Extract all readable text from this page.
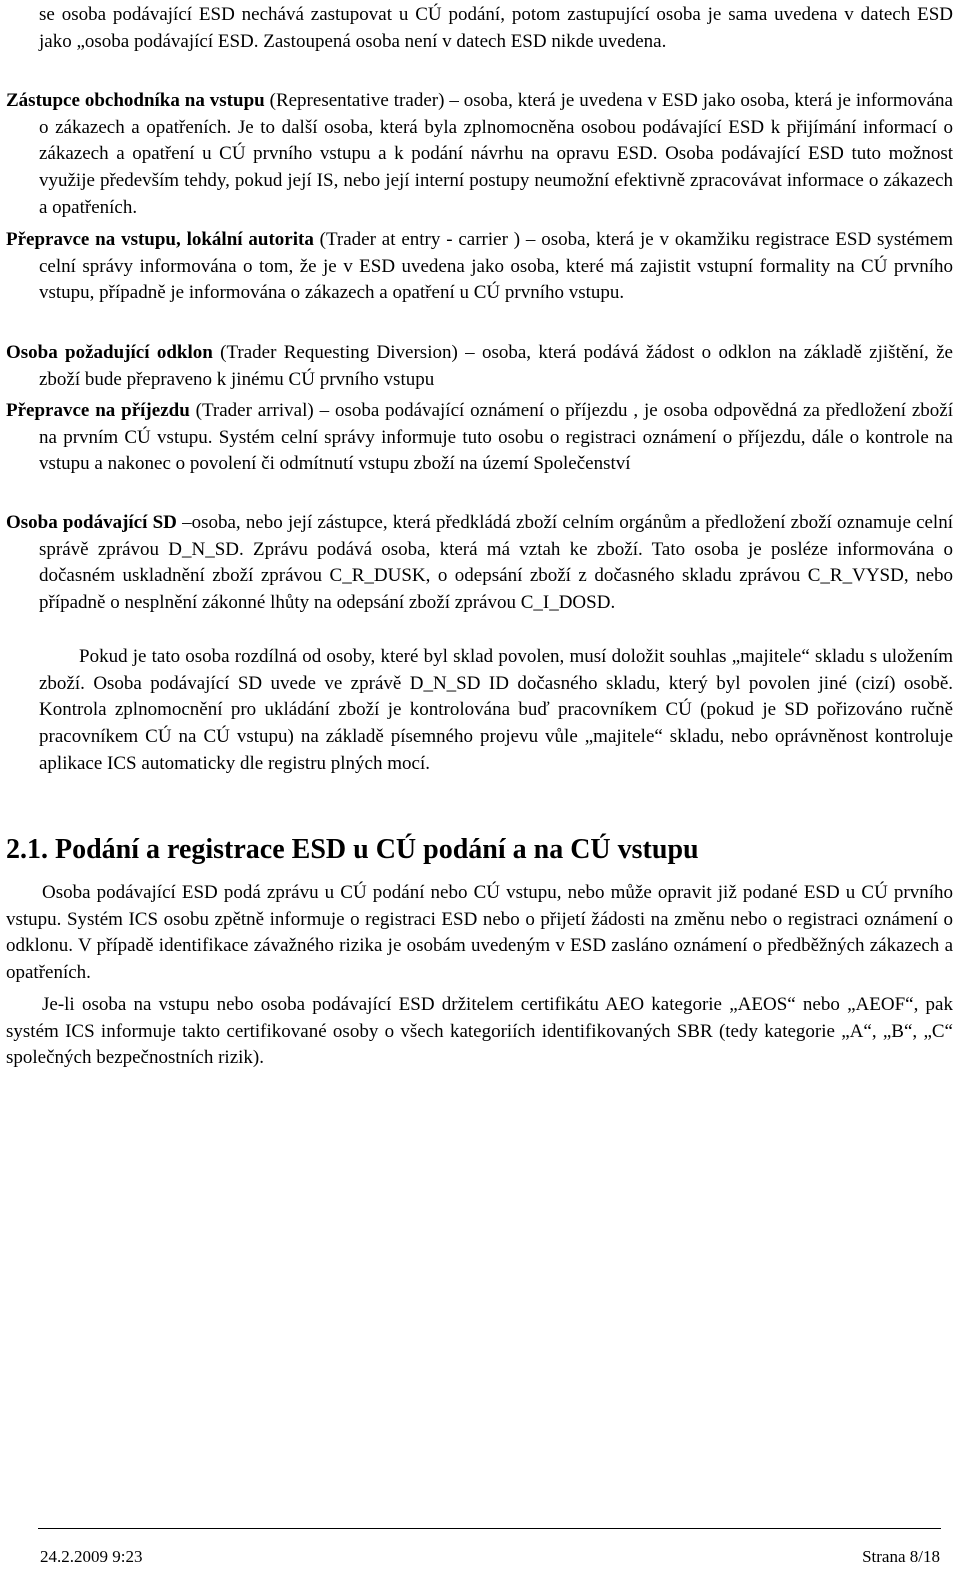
se osoba podávající ESD nechává zastupovat u CÚ podání, potom zastupující osoba je sama uvedena v datech ESD jako „osoba podávající ESD. Zastoupená osoba není v datech ESD nikde uvedena.

Zástupce obchodníka na vstupu (Representative trader) ‒ osoba, která je uvedena v ESD jako osoba, která je informována o zákazech a opatřeních. Je to další osoba, která byla zplnomocněna osobou podávající ESD k přijímání informací o zákazech a opatření u CÚ prvního vstupu a k podání návrhu na opravu ESD. Osoba podávající ESD tuto možnost využije především tehdy, pokud její IS, nebo její interní postupy neumožní efektivně zpracovávat informace o zákazech a opatřeních.

Přepravce na vstupu, lokální autorita (Trader at entry - carrier ) ‒ osoba, která je v okamžiku registrace ESD systémem celní správy informována o tom, že je v ESD uvedena jako osoba, které má zajistit vstupní formality na CÚ prvního vstupu, případně je informována o zákazech a opatření u CÚ prvního vstupu.

Osoba požadující odklon (Trader Requesting Diversion) ‒ osoba, která podává žádost o odklon na základě zjištění, že zboží bude přepraveno k jinému CÚ prvního vstupu

Přepravce na příjezdu (Trader arrival) ‒ osoba podávající oznámení o příjezdu , je osoba odpovědná za předložení zboží na prvním CÚ vstupu. Systém celní správy informuje tuto osobu o registraci oznámení o příjezdu, dále o kontrole na vstupu a nakonec o povolení či odmítnutí vstupu zboží na území Společenství

Osoba podávající SD ‒osoba, nebo její zástupce, která předkládá zboží celním orgánům a předložení zboží oznamuje celní správě zprávou D_N_SD. Zprávu podává osoba, která má vztah ke zboží. Tato osoba je posléze informována o dočasném uskladnění zboží zprávou C_R_DUSK, o odepsání zboží z dočasného skladu zprávou C_R_VYSD, nebo případně o nesplnění zákonné lhůty na odepsání zboží zprávou C_I_DOSD.

Pokud je tato osoba rozdílná od osoby, které byl sklad povolen, musí doložit souhlas „majitele“ skladu s uložením zboží. Osoba podávající SD uvede ve zprávě D_N_SD ID dočasného skladu, který byl povolen jiné (cizí) osobě. Kontrola zplnomocnění pro ukládání zboží je kontrolována buď pracovníkem CÚ (pokud je SD pořizováno ručně pracovníkem CÚ na CÚ vstupu) na základě písemného projevu vůle „majitele“ skladu, nebo oprávněnost kontroluje aplikace ICS automaticky dle registru plných mocí.

2.1. Podání a registrace ESD u CÚ podání a na CÚ vstupu

Osoba podávající ESD podá zprávu u CÚ podání nebo CÚ vstupu, nebo může opravit již podané ESD u CÚ prvního vstupu. Systém ICS osobu zpětně informuje o registraci ESD nebo o přijetí žádosti na změnu nebo o registraci oznámení o odklonu. V případě identifikace závažného rizika je osobám uvedeným v ESD zasláno oznámení o předběžných zákazech a opatřeních.

Je-li osoba na vstupu nebo osoba podávající ESD držitelem certifikátu AEO kategorie „AEOS“ nebo „AEOF“, pak systém ICS informuje takto certifikované osoby o všech kategoriích identifikovaných SBR (tedy kategorie „A“, „B“, „C“ společných bezpečnostních rizik).

24.2.2009 9:23	Strana 8/18
